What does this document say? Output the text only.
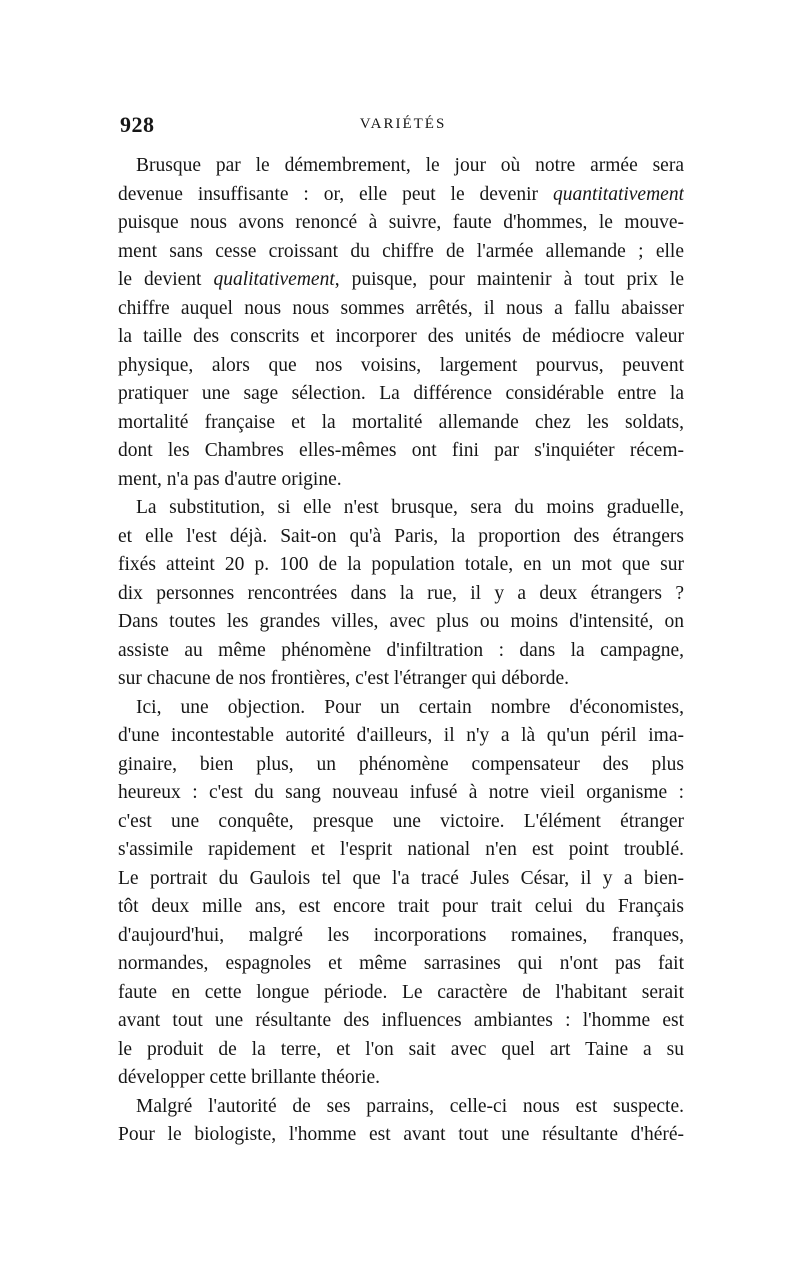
928	VARIÉTÉS
Brusque par le démembrement, le jour où notre armée sera
devenue insuffisante : or, elle peut le devenir quantitativement
puisque nous avons renoncé à suivre, faute d'hommes, le mouve-
ment sans cesse croissant du chiffre de l'armée allemande ; elle
le devient qualitativement, puisque, pour maintenir à tout prix le
chiffre auquel nous nous sommes arrêtés, il nous a fallu abaisser
la taille des conscrits et incorporer des unités de médiocre valeur
physique, alors que nos voisins, largement pourvus, peuvent
pratiquer une sage sélection. La différence considérable entre la
mortalité française et la mortalité allemande chez les soldats,
dont les Chambres elles-mêmes ont fini par s'inquiéter récem-
ment, n'a pas d'autre origine.
La substitution, si elle n'est brusque, sera du moins graduelle,
et elle l'est déjà. Sait-on qu'à Paris, la proportion des étrangers
fixés atteint 20 p. 100 de la population totale, en un mot que sur
dix personnes rencontrées dans la rue, il y a deux étrangers ?
Dans toutes les grandes villes, avec plus ou moins d'intensité, on
assiste au même phénomène d'infiltration : dans la campagne,
sur chacune de nos frontières, c'est l'étranger qui déborde.
Ici, une objection. Pour un certain nombre d'économistes,
d'une incontestable autorité d'ailleurs, il n'y a là qu'un péril ima-
ginaire, bien plus, un phénomène compensateur des plus
heureux : c'est du sang nouveau infusé à notre vieil organisme :
c'est une conquête, presque une victoire. L'élément étranger
s'assimile rapidement et l'esprit national n'en est point troublé.
Le portrait du Gaulois tel que l'a tracé Jules César, il y a bien-
tôt deux mille ans, est encore trait pour trait celui du Français
d'aujourd'hui, malgré les incorporations romaines, franques,
normandes, espagnoles et même sarrasines qui n'ont pas fait
faute en cette longue période. Le caractère de l'habitant serait
avant tout une résultante des influences ambiantes : l'homme est
le produit de la terre, et l'on sait avec quel art Taine a su
développer cette brillante théorie.
Malgré l'autorité de ses parrains, celle-ci nous est suspecte.
Pour le biologiste, l'homme est avant tout une résultante d'héré-
